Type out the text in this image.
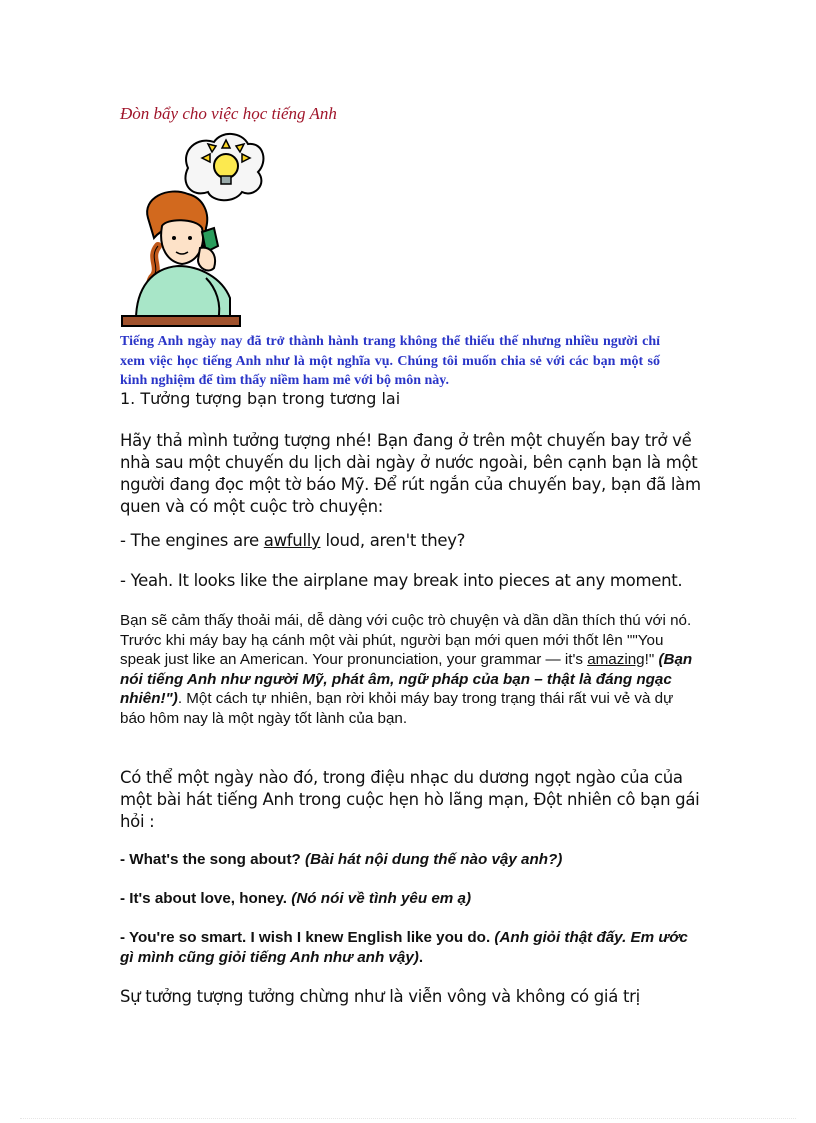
Đòn bẩy cho việc học tiếng Anh
Tiếng Anh ngày nay đã trở thành hành trang không thể thiếu thế nhưng nhiều người chỉ xem việc học tiếng Anh như là một nghĩa vụ. Chúng tôi muốn chia sẻ với các bạn một số kinh nghiệm để tìm thấy niềm ham mê với bộ môn này.
1. Tưởng tượng bạn trong tương lai
Hãy thả mình tưởng tượng nhé! Bạn đang ở trên một chuyến bay trở về nhà sau một chuyến du lịch dài ngày ở nước ngoài, bên cạnh bạn là một người đang đọc một tờ báo Mỹ. Để rút ngắn của chuyến bay, bạn đã làm quen và có một cuộc trò chuyện:
- The engines are awfully loud, aren't they?
- Yeah. It looks like the airplane may break into pieces at any moment.
Bạn sẽ cảm thấy thoải mái, dễ dàng với cuộc trò chuyện và dần dần thích thú với nó. Trước khi máy bay hạ cánh một vài phút, người bạn mới quen mới thốt lên ""You speak just like an American. Your pronunciation, your grammar — it's amazing!" (Bạn nói tiếng Anh như người Mỹ, phát âm, ngữ pháp của bạn – thật là đáng ngạc nhiên!"). Một cách tự nhiên, bạn rời khỏi máy bay trong trạng thái rất vui vẻ và dự báo hôm nay là một ngày tốt lành của bạn.
Có thể một ngày nào đó, trong điệu nhạc du dương ngọt ngào của của một bài hát tiếng Anh trong cuộc hẹn hò lãng mạn, Đột nhiên cô bạn gái hỏi :
- What's the song about? (Bài hát nội dung thế nào vậy anh?)
- It's about love, honey. (Nó nói về tình yêu em ạ)
- You're so smart. I wish I knew English like you do. (Anh giỏi thật đấy. Em ước gì mình cũng giỏi tiếng Anh như anh vậy).
Sự tưởng tượng tưởng chừng như là viễn vông và không có giá trị
